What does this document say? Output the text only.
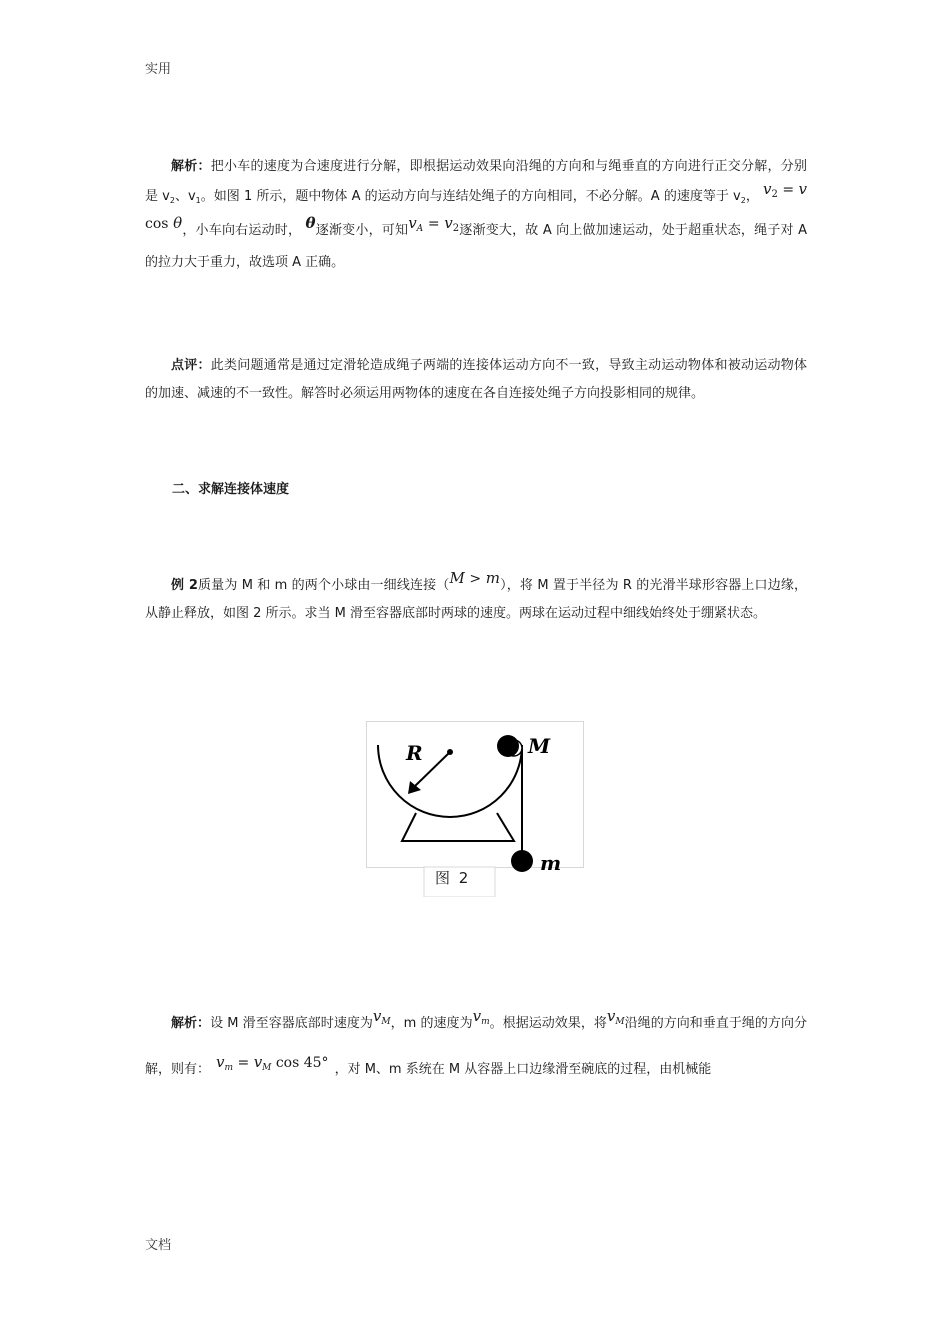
实用

解析：把小车的速度为合速度进行分解，即根据运动效果向沿绳的方向和与绳垂直的方向进行正交分解，分别是 $v_2$、$v_1$。如图 1 所示，题中物体 A 的运动方向与连结处绳子的方向相同，不必分解。A 的速度等于 $v_2$， $v_2 = v$ cos θ，小车向右运动时， θ逐渐变小，可知$v_A = v_2$逐渐变大，故 A 向上做加速运动，处于超重状态，绳子对 A 的拉力大于重力，故选项 A 正确。

点评：此类问题通常是通过定滑轮造成绳子两端的连接体运动方向不一致，导致主动运动物体和被动运动物体的加速、减速的不一致性。解答时必须运用两物体的速度在各自连接处绳子方向投影相同的规律。

二、求解连接体速度

例 2质量为 M 和 m 的两个小球由一细线连接（M > m），将 M 置于半径为 R 的光滑半球形容器上口边缘，从静止释放，如图 2 所示。求当 M 滑至容器底部时两球的速度。两球在运动过程中细线始终处于绷紧状态。

R	M
m
图 2

解析：设 M 滑至容器底部时速度为$v_M$，m 的速度为$v_m$。根据运动效果，将$v_M$沿绳的方向和垂直于绳的方向分解，则有： $v_m = v_M$ cos 45° ，对 M、m 系统在 M 从容器上口边缘滑至碗底的过程，由机械能

文档
